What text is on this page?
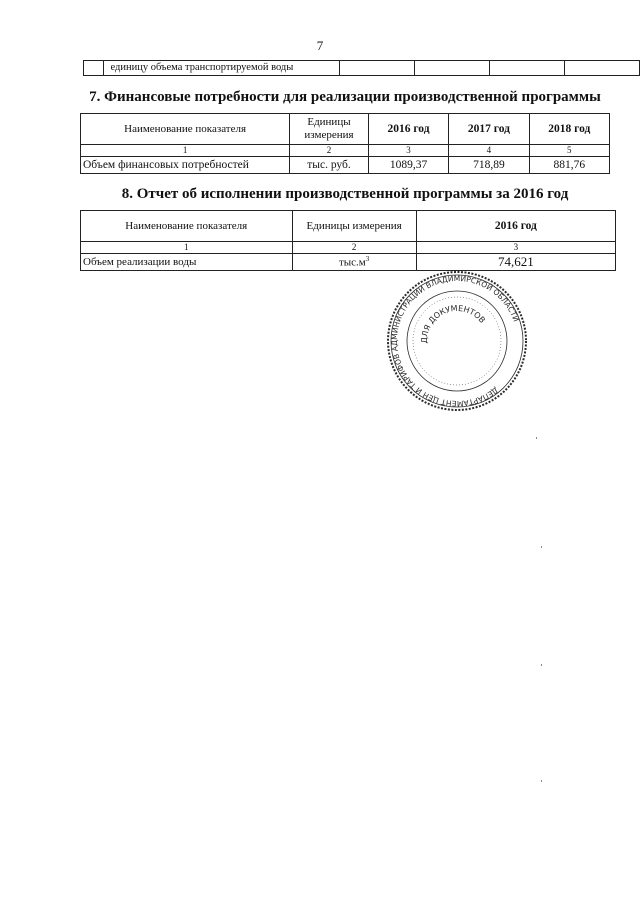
7
	единицу объема транспортируемой воды				
7. Финансовые потребности для реализации производственной программы
Наименование показателя	Единицы измерения	2016 год	2017 год	2018 год
1	2	3	4	5
Объем финансовых потребностей	тыс. руб.	1089,37	718,89	881,76
8. Отчет об исполнении производственной программы за 2016 год
Наименование показателя	Единицы измерения	2016 год
1	2	3
Объем реализации воды	$тыс.м^3$	74,621
ДЕПАРТАМЕНТ ЦЕН И ТАРИФОВ АДМИНИСТРАЦИИ ВЛАДИМИРСКОЙ ОБЛАСТИ
ДЛЯ ДОКУМЕНТОВ
